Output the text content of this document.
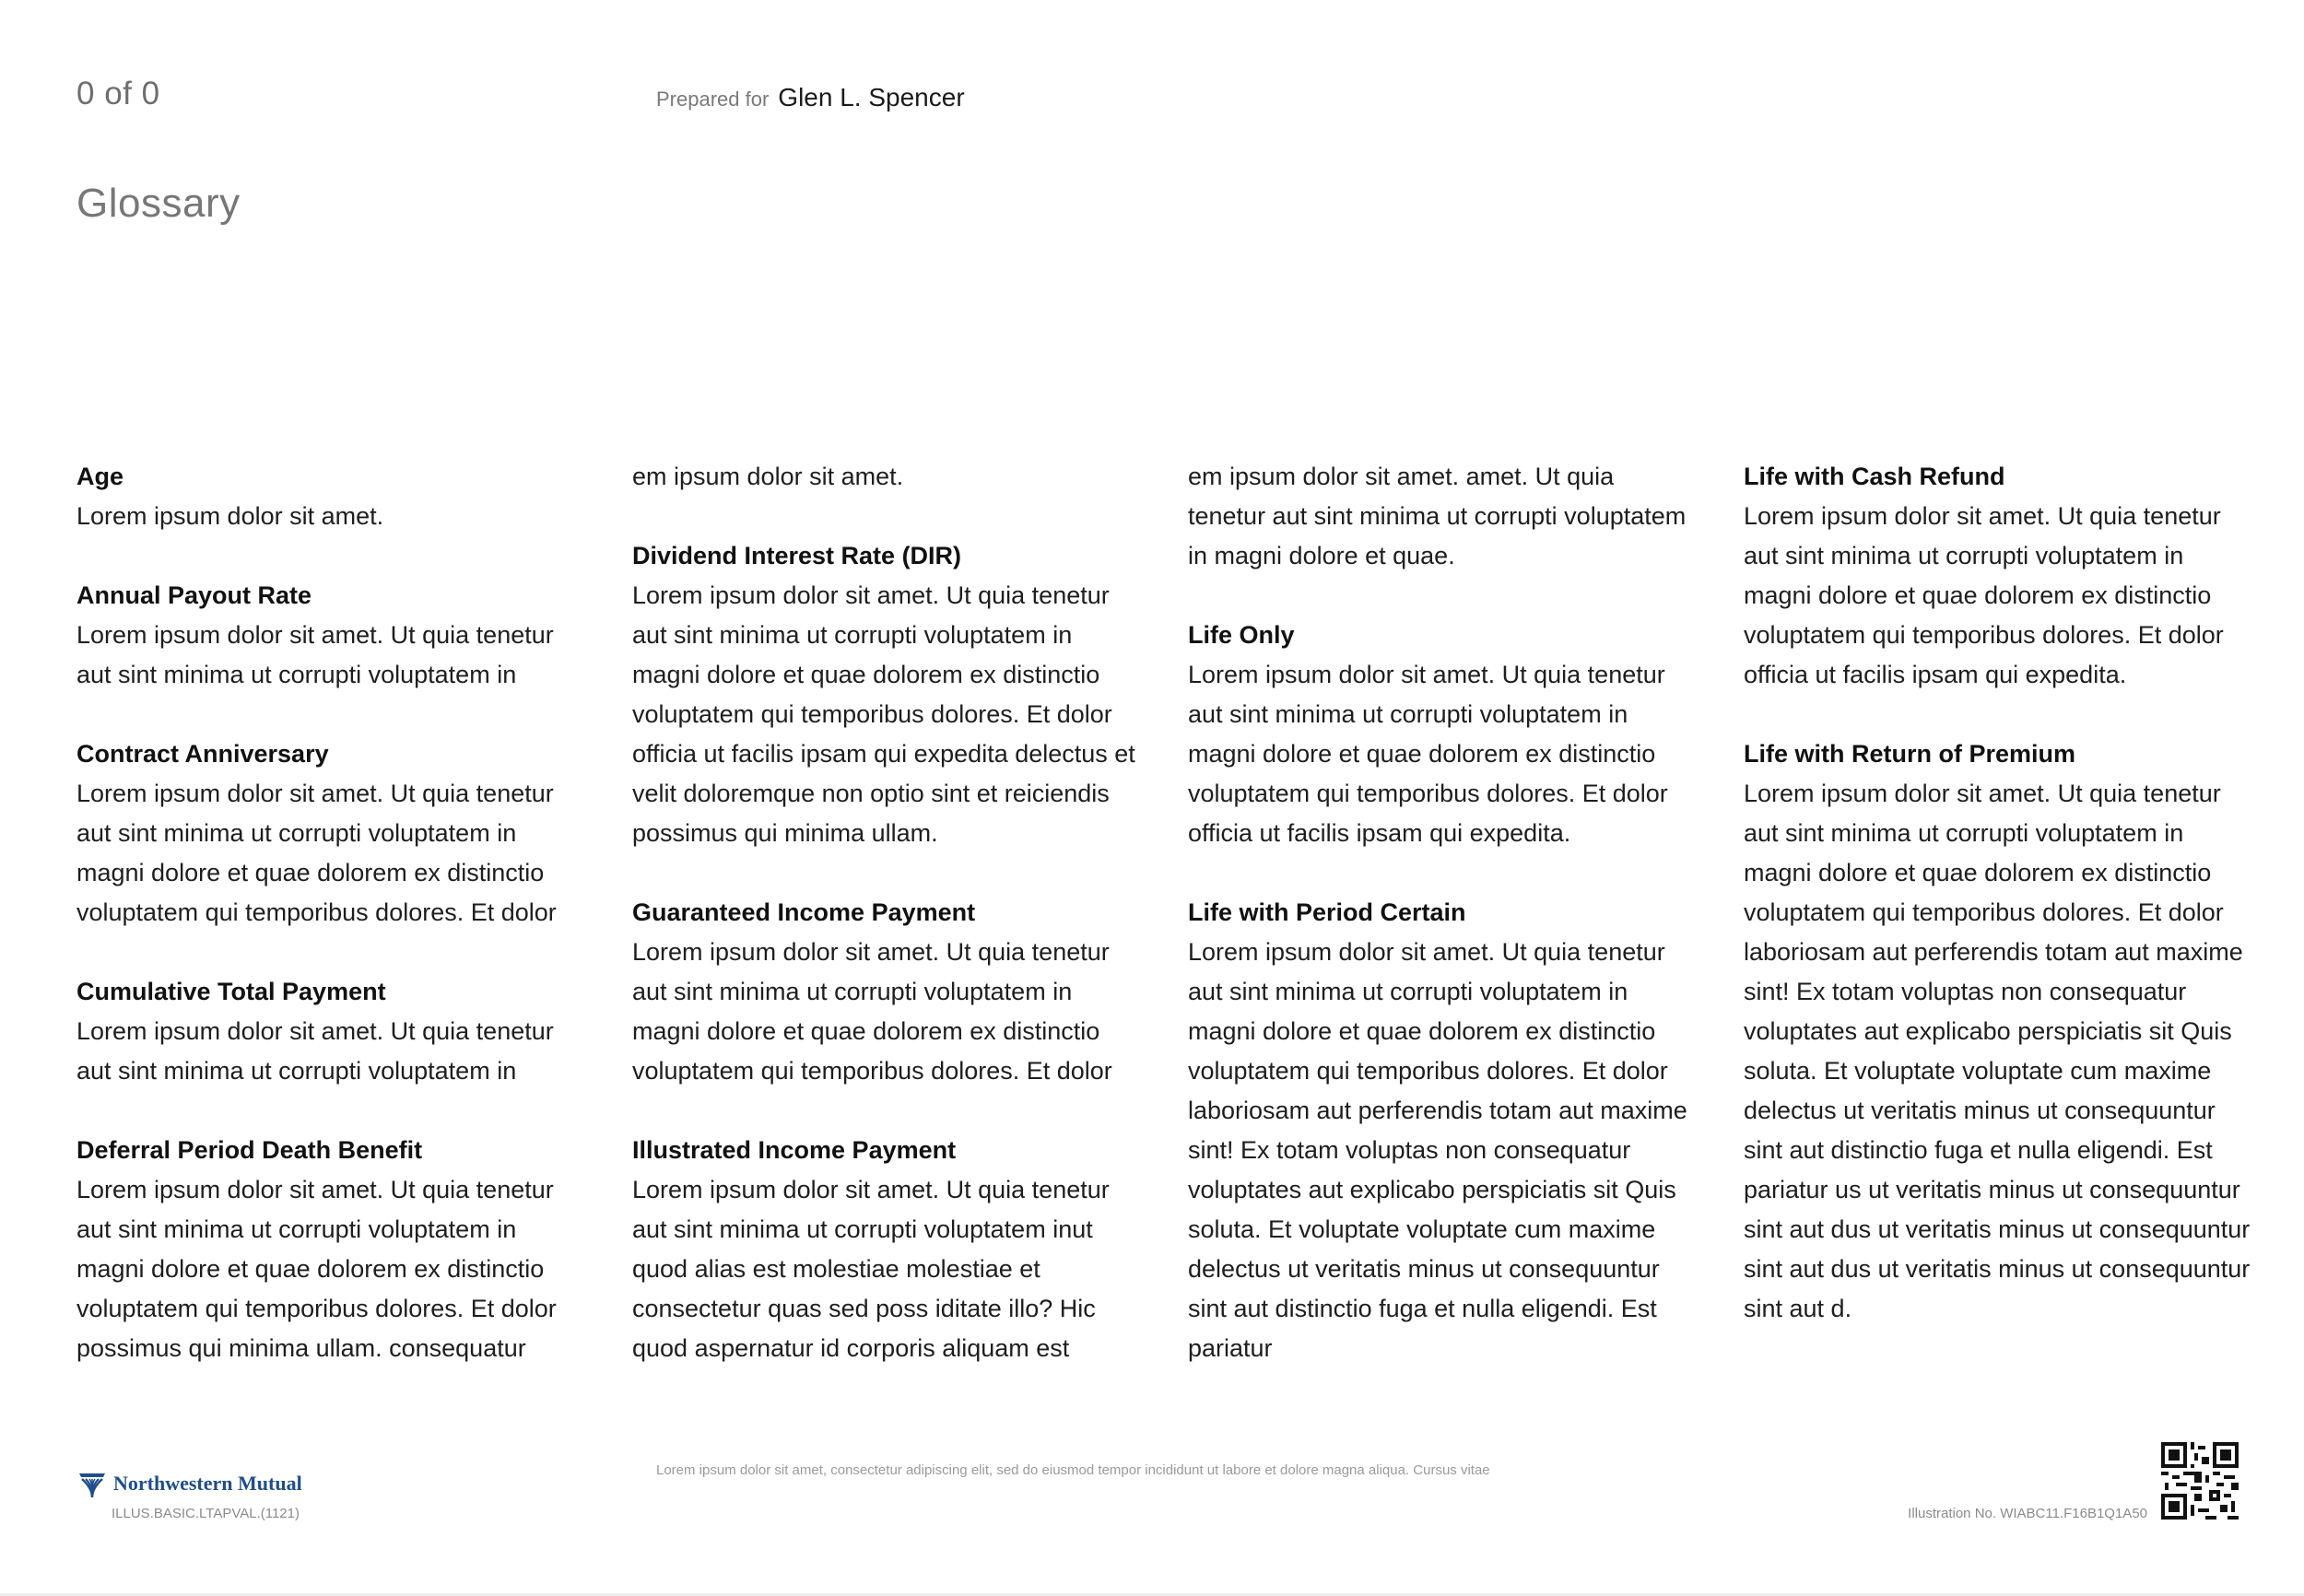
0 of 0	Prepared for Glen L. Spencer
Glossary
Age

Lorem ipsum dolor sit amet.

Annual Payout Rate

Lorem ipsum dolor sit amet. Ut quia tenetur aut sint minima ut corrupti voluptatem in

Contract Anniversary

Lorem ipsum dolor sit amet. Ut quia tenetur aut sint minima ut corrupti voluptatem in magni dolore et quae dolorem ex distinctio voluptatem qui temporibus dolores. Et dolor

Cumulative Total Payment

Lorem ipsum dolor sit amet. Ut quia tenetur aut sint minima ut corrupti voluptatem in

Deferral Period Death Benefit

Lorem ipsum dolor sit amet. Ut quia tenetur aut sint minima ut corrupti voluptatem in magni dolore et quae dolorem ex distinctio voluptatem qui temporibus dolores. Et dolor possimus qui minima ullam. consequatur

em ipsum dolor sit amet.

Dividend Interest Rate (DIR)

Lorem ipsum dolor sit amet. Ut quia tenetur aut sint minima ut corrupti voluptatem in magni dolore et quae dolorem ex distinctio voluptatem qui temporibus dolores. Et dolor officia ut facilis ipsam qui expedita delectus et velit doloremque non optio sint et reiciendis possimus qui minima ullam.

Guaranteed Income Payment

Lorem ipsum dolor sit amet. Ut quia tenetur aut sint minima ut corrupti voluptatem in magni dolore et quae dolorem ex distinctio voluptatem qui temporibus dolores. Et dolor

Illustrated Income Payment

Lorem ipsum dolor sit amet. Ut quia tenetur aut sint minima ut corrupti voluptatem inut quod alias est molestiae molestiae et consectetur quas sed poss iditate illo? Hic quod aspernatur id corporis aliquam est

em ipsum dolor sit amet. amet. Ut quia tenetur aut sint minima ut corrupti voluptatem in magni dolore et quae.

Life Only

Lorem ipsum dolor sit amet. Ut quia tenetur aut sint minima ut corrupti voluptatem in magni dolore et quae dolorem ex distinctio voluptatem qui temporibus dolores. Et dolor officia ut facilis ipsam qui expedita.

Life with Period Certain

Lorem ipsum dolor sit amet. Ut quia tenetur aut sint minima ut corrupti voluptatem in magni dolore et quae dolorem ex distinctio voluptatem qui temporibus dolores. Et dolor laboriosam aut perferendis totam aut maxime sint! Ex totam voluptas non consequatur voluptates aut explicabo perspiciatis sit Quis soluta. Et voluptate voluptate cum maxime delectus ut veritatis minus ut consequuntur sint aut distinctio fuga et nulla eligendi. Est pariatur

Life with Cash Refund

Lorem ipsum dolor sit amet. Ut quia tenetur aut sint minima ut corrupti voluptatem in magni dolore et quae dolorem ex distinctio voluptatem qui temporibus dolores. Et dolor officia ut facilis ipsam qui expedita.

Life with Return of Premium

Lorem ipsum dolor sit amet. Ut quia tenetur aut sint minima ut corrupti voluptatem in magni dolore et quae dolorem ex distinctio voluptatem qui temporibus dolores. Et dolor laboriosam aut perferendis totam aut maxime sint! Ex totam voluptas non consequatur voluptates aut explicabo perspiciatis sit Quis soluta. Et voluptate voluptate cum maxime delectus ut veritatis minus ut consequuntur sint aut distinctio fuga et nulla eligendi. Est pariatur us ut veritatis minus ut consequuntur sint aut dus ut veritatis minus ut consequuntur sint aut dus ut veritatis minus ut consequuntur sint aut d.

Northwestern Mutual
ILLUS.BASIC.LTAPVAL.(1121)
Lorem ipsum dolor sit amet, consectetur adipiscing elit, sed do eiusmod tempor incididunt ut labore et dolore magna aliqua. Cursus vitae
Illustration No. WIABC11.F16B1Q1A50
